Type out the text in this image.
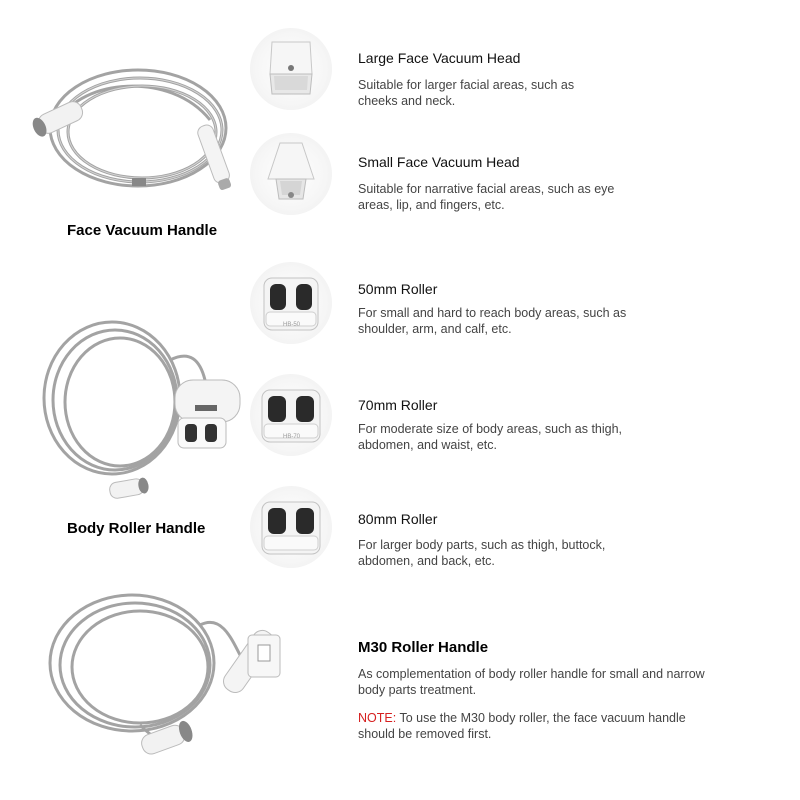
Face Vacuum Handle
Body Roller Handle
HB-50
HB-70
Large Face Vacuum Head
Suitable for larger facial areas, such as cheeks and neck.
Small Face Vacuum Head
Suitable for narrative facial areas, such as eye areas, lip, and fingers, etc.
50mm Roller
For small and hard to reach body areas, such as shoulder, arm, and calf, etc.
70mm Roller
For moderate size of body areas, such as thigh, abdomen, and waist, etc.
80mm Roller
For larger body parts, such as thigh, buttock, abdomen, and back, etc.
M30 Roller Handle
As complementation of body roller handle for small and narrow body parts treatment.
NOTE: To use the M30 body roller, the face vacuum handle should be removed first.
